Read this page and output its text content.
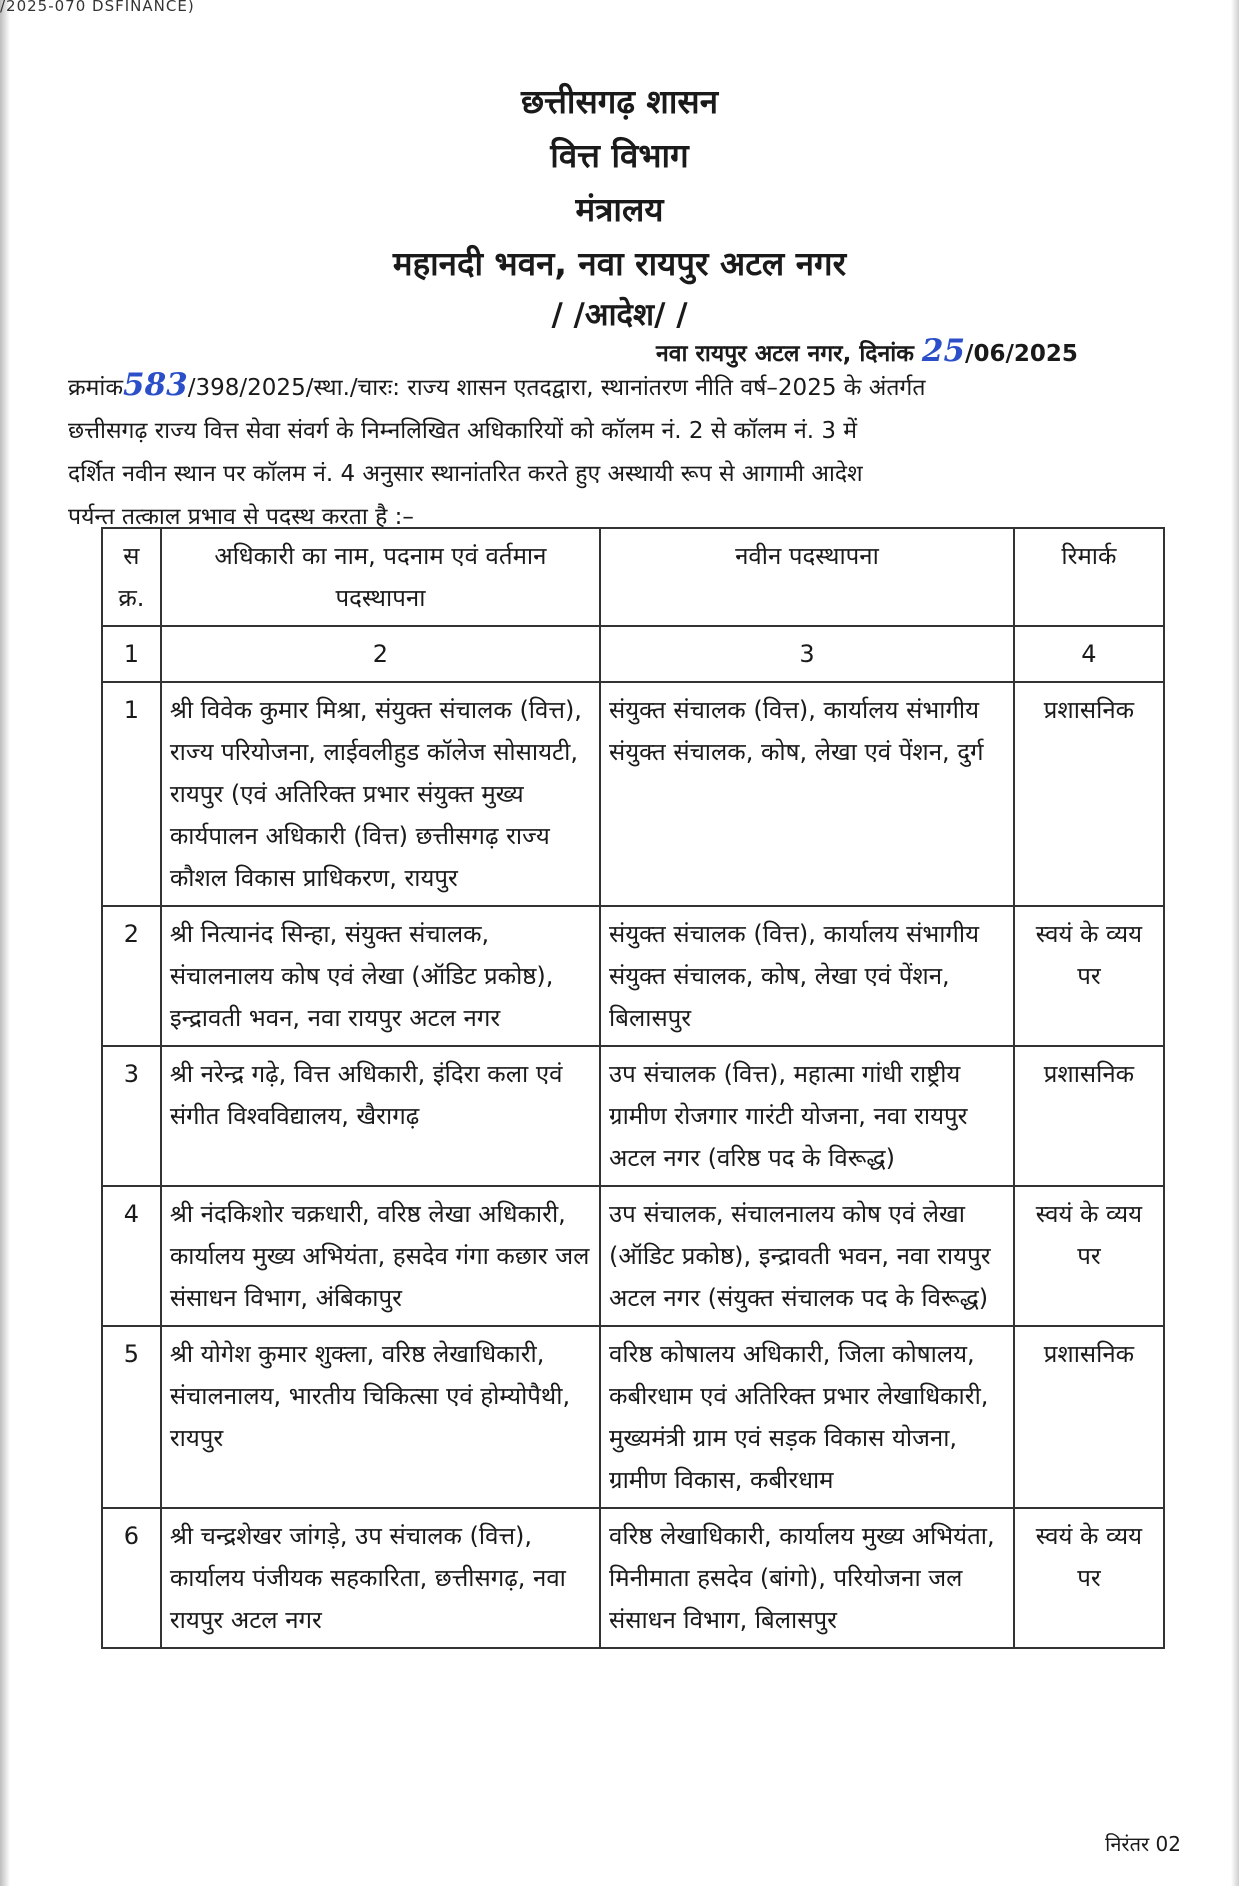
/2025-070 DSFINANCE)
छत्तीसगढ़ शासन
वित्त विभाग
मंत्रालय
महानदी भवन, नवा रायपुर अटल नगर
/ /आदेश/ /
नवा रायपुर अटल नगर, दिनांक 25/06/2025
क्रमांक583/398/2025/स्था./चारः: राज्य शासन एतदद्वारा, स्थानांतरण नीति वर्ष–2025 के अंतर्गत
छत्तीसगढ़ राज्य वित्त सेवा संवर्ग के निम्नलिखित अधिकारियों को कॉलम नं. 2 से कॉलम नं. 3 में
दर्शित नवीन स्थान पर कॉलम नं. 4 अनुसार स्थानांतरित करते हुए अस्थायी रूप से आगामी आदेश
पर्यन्त तत्काल प्रभाव से पदस्थ करता है :–
स क्र.	अधिकारी का नाम, पदनाम एवं वर्तमान पदस्थापना	नवीन पदस्थापना	रिमार्क
1	2	3	4
1	श्री विवेक कुमार मिश्रा, संयुक्त संचालक (वित्त), राज्य परियोजना, लाईवलीहुड कॉलेज सोसायटी, रायपुर (एवं अतिरिक्त प्रभार संयुक्त मुख्य कार्यपालन अधिकारी (वित्त) छत्तीसगढ़ राज्य कौशल विकास प्राधिकरण, रायपुर	संयुक्त संचालक (वित्त), कार्यालय संभागीय संयुक्त संचालक, कोष, लेखा एवं पेंशन, दुर्ग	प्रशासनिक
2	श्री नित्यानंद सिन्हा, संयुक्त संचालक, संचालनालय कोष एवं लेखा (ऑडिट प्रकोष्ठ), इन्द्रावती भवन, नवा रायपुर अटल नगर	संयुक्त संचालक (वित्त), कार्यालय संभागीय संयुक्त संचालक, कोष, लेखा एवं पेंशन, बिलासपुर	स्वयं के व्यय पर
3	श्री नरेन्द्र गढ़े, वित्त अधिकारी, इंदिरा कला एवं संगीत विश्वविद्यालय, खैरागढ़	उप संचालक (वित्त), महात्मा गांधी राष्ट्रीय ग्रामीण रोजगार गारंटी योजना, नवा रायपुर अटल नगर (वरिष्ठ पद के विरूद्ध)	प्रशासनिक
4	श्री नंदकिशोर चक्रधारी, वरिष्ठ लेखा अधिकारी, कार्यालय मुख्य अभियंता, हसदेव गंगा कछार जल संसाधन विभाग, अंबिकापुर	उप संचालक, संचालनालय कोष एवं लेखा (ऑडिट प्रकोष्ठ), इन्द्रावती भवन, नवा रायपुर अटल नगर (संयुक्त संचालक पद के विरूद्ध)	स्वयं के व्यय पर
5	श्री योगेश कुमार शुक्ला, वरिष्ठ लेखाधिकारी, संचालनालय, भारतीय चिकित्सा एवं होम्योपैथी, रायपुर	वरिष्ठ कोषालय अधिकारी, जिला कोषालय, कबीरधाम एवं अतिरिक्त प्रभार लेखाधिकारी, मुख्यमंत्री ग्राम एवं सड़क विकास योजना, ग्रामीण विकास, कबीरधाम	प्रशासनिक
6	श्री चन्द्रशेखर जांगड़े, उप संचालक (वित्त), कार्यालय पंजीयक सहकारिता, छत्तीसगढ़, नवा रायपुर अटल नगर	वरिष्ठ लेखाधिकारी, कार्यालय मुख्य अभियंता, मिनीमाता हसदेव (बांगो), परियोजना जल संसाधन विभाग, बिलासपुर	स्वयं के व्यय पर
निरंतर 02
